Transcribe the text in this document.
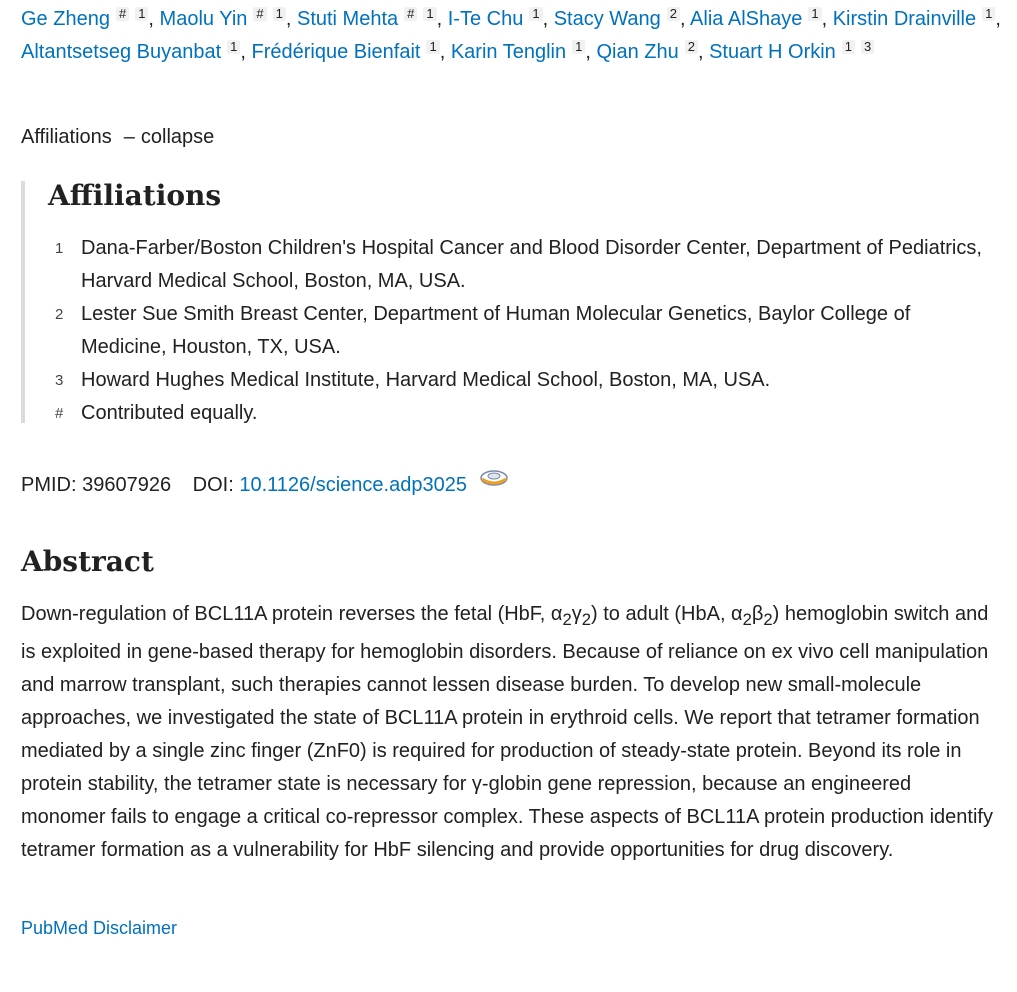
Ge Zheng # $^1$ , Maolu Yin # $^1$ , Stuti Mehta # $^1$ , I-Te Chu $^1$ , Stacy Wang $^2$ , Alia AlShaye $^1$ , Kirstin Drainville $^1$ , Altantsetseg Buyanbat $^1$ , Frédérique Bienfait $^1$ , Karin Tenglin $^1$ , Qian Zhu $^2$ , Stuart H Orkin $^1$ $^3$
Affiliations – collapse
Affiliations
1 Dana-Farber/Boston Children's Hospital Cancer and Blood Disorder Center, Department of Pediatrics, Harvard Medical School, Boston, MA, USA.
2 Lester Sue Smith Breast Center, Department of Human Molecular Genetics, Baylor College of Medicine, Houston, TX, USA.
3 Howard Hughes Medical Institute, Harvard Medical School, Boston, MA, USA.
# Contributed equally.
PMID: 39607926 DOI: 10.1126/science.adp3025
Abstract

Down-regulation of BCL11A protein reverses the fetal (HbF, $\alpha_2\gamma_2$) to adult (HbA, $\alpha_2\beta_2$) hemoglobin switch and is exploited in gene-based therapy for hemoglobin disorders. Because of reliance on ex vivo cell manipulation and marrow transplant, such therapies cannot lessen disease burden. To develop new small-molecule approaches, we investigated the state of BCL11A protein in erythroid cells. We report that tetramer formation mediated by a single zinc finger (ZnF0) is required for production of steady-state protein. Beyond its role in protein stability, the tetramer state is necessary for γ-globin gene repression, because an engineered monomer fails to engage a critical co-repressor complex. These aspects of BCL11A protein production identify tetramer formation as a vulnerability for HbF silencing and provide opportunities for drug discovery.

PubMed Disclaimer
